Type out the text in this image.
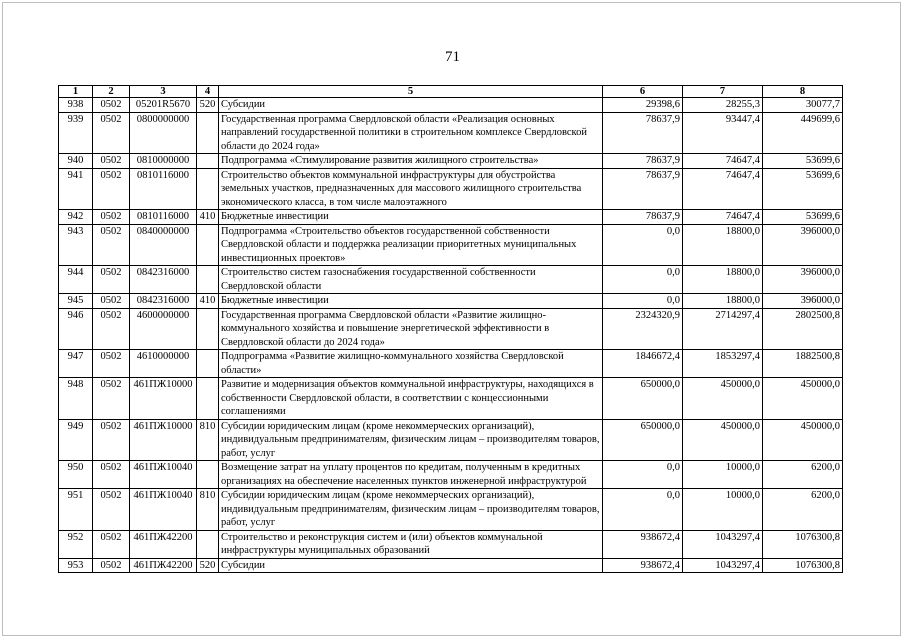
71
1	2	3	4	5	6	7	8
938	0502	05201R5670	520	Субсидии	29398,6	28255,3	30077,7
939	0502	0800000000		Государственная программа Свердловской области «Реализация основных направлений государственной политики в строительном комплексе Свердловской области до 2024 года»	78637,9	93447,4	449699,6
940	0502	0810000000		Подпрограмма «Стимулирование развития жилищного строительства»	78637,9	74647,4	53699,6
941	0502	0810116000		Строительство объектов коммунальной инфраструктуры для обустройства земельных участков, предназначенных для массового жилищного строительства экономического класса, в том числе малоэтажного	78637,9	74647,4	53699,6
942	0502	0810116000	410	Бюджетные инвестиции	78637,9	74647,4	53699,6
943	0502	0840000000		Подпрограмма «Строительство объектов государственной собственности Свердловской области и поддержка реализации приоритетных муниципальных инвестиционных проектов»	0,0	18800,0	396000,0
944	0502	0842316000		Строительство систем газоснабжения государственной собственности Свердловской области	0,0	18800,0	396000,0
945	0502	0842316000	410	Бюджетные инвестиции	0,0	18800,0	396000,0
946	0502	4600000000		Государственная программа Свердловской области «Развитие жилищно-коммунального хозяйства и повышение энергетической эффективности в Свердловской области до 2024 года»	2324320,9	2714297,4	2802500,8
947	0502	4610000000		Подпрограмма «Развитие жилищно-коммунального хозяйства Свердловской области»	1846672,4	1853297,4	1882500,8
948	0502	461ПЖ10000		Развитие и модернизация объектов коммунальной инфраструктуры, находящихся в собственности Свердловской области, в соответствии с концессионными соглашениями	650000,0	450000,0	450000,0
949	0502	461ПЖ10000	810	Субсидии юридическим лицам (кроме некоммерческих организаций), индивидуальным предпринимателям, физическим лицам – производителям товаров, работ, услуг	650000,0	450000,0	450000,0
950	0502	461ПЖ10040		Возмещение затрат на уплату процентов по кредитам, полученным в кредитных организациях на обеспечение населенных пунктов инженерной инфраструктурой	0,0	10000,0	6200,0
951	0502	461ПЖ10040	810	Субсидии юридическим лицам (кроме некоммерческих организаций), индивидуальным предпринимателям, физическим лицам – производителям товаров, работ, услуг	0,0	10000,0	6200,0
952	0502	461ПЖ42200		Строительство и реконструкция систем и (или) объектов коммунальной инфраструктуры муниципальных образований	938672,4	1043297,4	1076300,8
953	0502	461ПЖ42200	520	Субсидии	938672,4	1043297,4	1076300,8
